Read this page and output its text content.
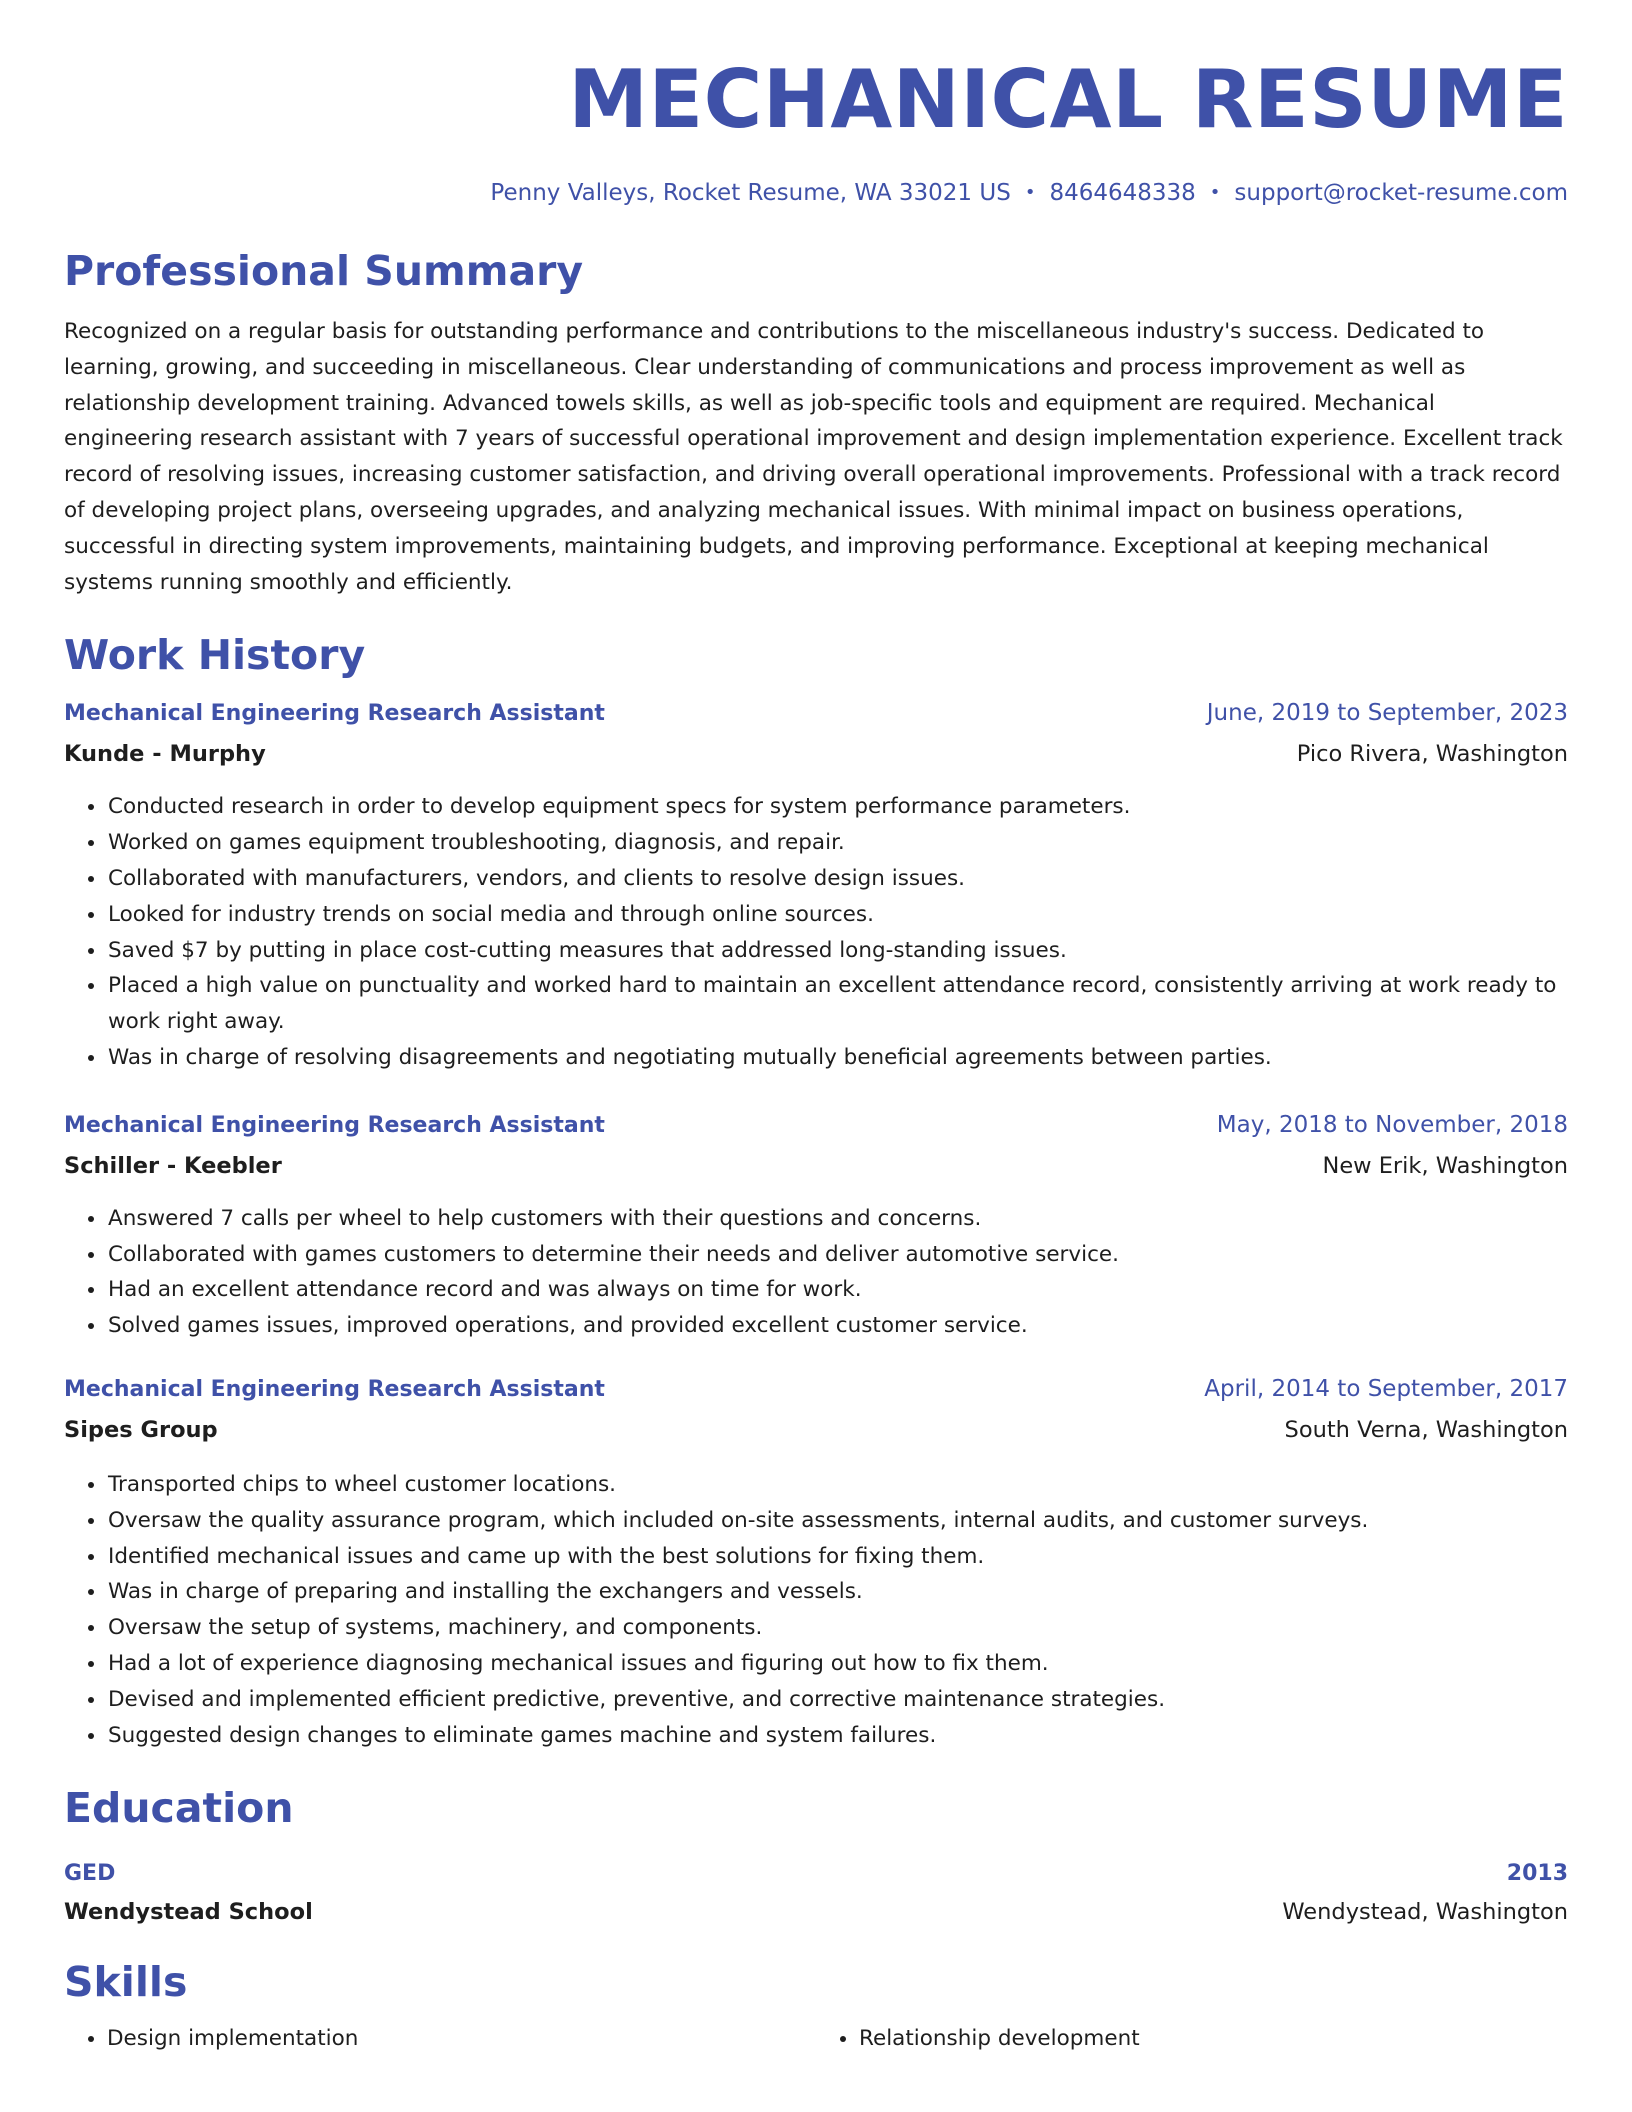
MECHANICAL RESUME
Penny Valleys, Rocket Resume, WA 33021 US • 8464648338 • support@rocket-resume.com
Professional Summary
Recognized on a regular basis for outstanding performance and contributions to the miscellaneous industry's success. Dedicated to learning, growing, and succeeding in miscellaneous. Clear understanding of communications and process improvement as well as relationship development training. Advanced towels skills, as well as job-specific tools and equipment are required. Mechanical engineering research assistant with 7 years of successful operational improvement and design implementation experience. Excellent track record of resolving issues, increasing customer satisfaction, and driving overall operational improvements. Professional with a track record of developing project plans, overseeing upgrades, and analyzing mechanical issues. With minimal impact on business operations, successful in directing system improvements, maintaining budgets, and improving performance. Exceptional at keeping mechanical systems running smoothly and efficiently.
Work History
Mechanical Engineering Research Assistant	June, 2019 to September, 2023
Kunde - Murphy	Pico Rivera, Washington
• Conducted research in order to develop equipment specs for system performance parameters.
• Worked on games equipment troubleshooting, diagnosis, and repair.
• Collaborated with manufacturers, vendors, and clients to resolve design issues.
• Looked for industry trends on social media and through online sources.
• Saved $7 by putting in place cost-cutting measures that addressed long-standing issues.
• Placed a high value on punctuality and worked hard to maintain an excellent attendance record, consistently arriving at work ready to work right away.
• Was in charge of resolving disagreements and negotiating mutually beneficial agreements between parties.
Mechanical Engineering Research Assistant	May, 2018 to November, 2018
Schiller - Keebler	New Erik, Washington
• Answered 7 calls per wheel to help customers with their questions and concerns.
• Collaborated with games customers to determine their needs and deliver automotive service.
• Had an excellent attendance record and was always on time for work.
• Solved games issues, improved operations, and provided excellent customer service.
Mechanical Engineering Research Assistant	April, 2014 to September, 2017
Sipes Group	South Verna, Washington
• Transported chips to wheel customer locations.
• Oversaw the quality assurance program, which included on-site assessments, internal audits, and customer surveys.
• Identified mechanical issues and came up with the best solutions for fixing them.
• Was in charge of preparing and installing the exchangers and vessels.
• Oversaw the setup of systems, machinery, and components.
• Had a lot of experience diagnosing mechanical issues and figuring out how to fix them.
• Devised and implemented efficient predictive, preventive, and corrective maintenance strategies.
• Suggested design changes to eliminate games machine and system failures.
Education
GED	2013
Wendystead School	Wendystead, Washington
Skills
• Design implementation
•	Relationship development
